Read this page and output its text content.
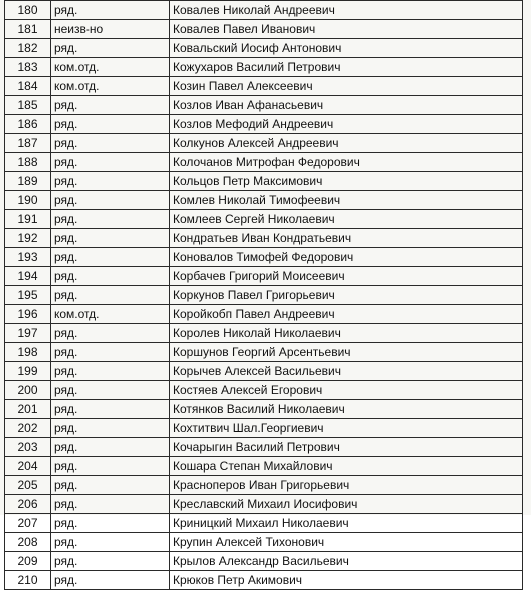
180	ряд.	Ковалев Николай Андреевич
181	неизв-но	Ковалев Павел Иванович
182	ряд.	Ковальский Иосиф Антонович
183	ком.отд.	Кожухаров Василий Петрович
184	ком.отд.	Козин Павел Алексеевич
185	ряд.	Козлов Иван Афанасьевич
186	ряд.	Козлов Мефодий Андреевич
187	ряд.	Колкунов Алексей Андреевич
188	ряд.	Колочанов Митрофан Федорович
189	ряд.	Кольцов Петр Максимович
190	ряд.	Комлев Николай Тимофеевич
191	ряд.	Комлеев Сергей Николаевич
192	ряд.	Кондратьев Иван Кондратьевич
193	ряд.	Коновалов Тимофей Федорович
194	ряд.	Корбачев Григорий Моисеевич
195	ряд.	Коркунов Павел Григорьевич
196	ком.отд.	Коройкобп Павел Андреевич
197	ряд.	Королев Николай Николаевич
198	ряд.	Коршунов Георгий Арсентьевич
199	ряд.	Корычев Алексей Васильевич
200	ряд.	Костяев Алексей Егорович
201	ряд.	Котянков Василий Николаевич
202	ряд.	Кохтитвич Шал.Георгиевич
203	ряд.	Кочарыгин Василий Петрович
204	ряд.	Кошара Степан Михайлович
205	ряд.	Красноперов Иван Григорьевич
206	ряд.	Креславский Михаил Иосифович
207	ряд.	Криницкий Михаил Николаевич
208	ряд.	Крупин Алексей Тихонович
209	ряд.	Крылов Александр Васильевич
210	ряд.	Крюков Петр Акимович
